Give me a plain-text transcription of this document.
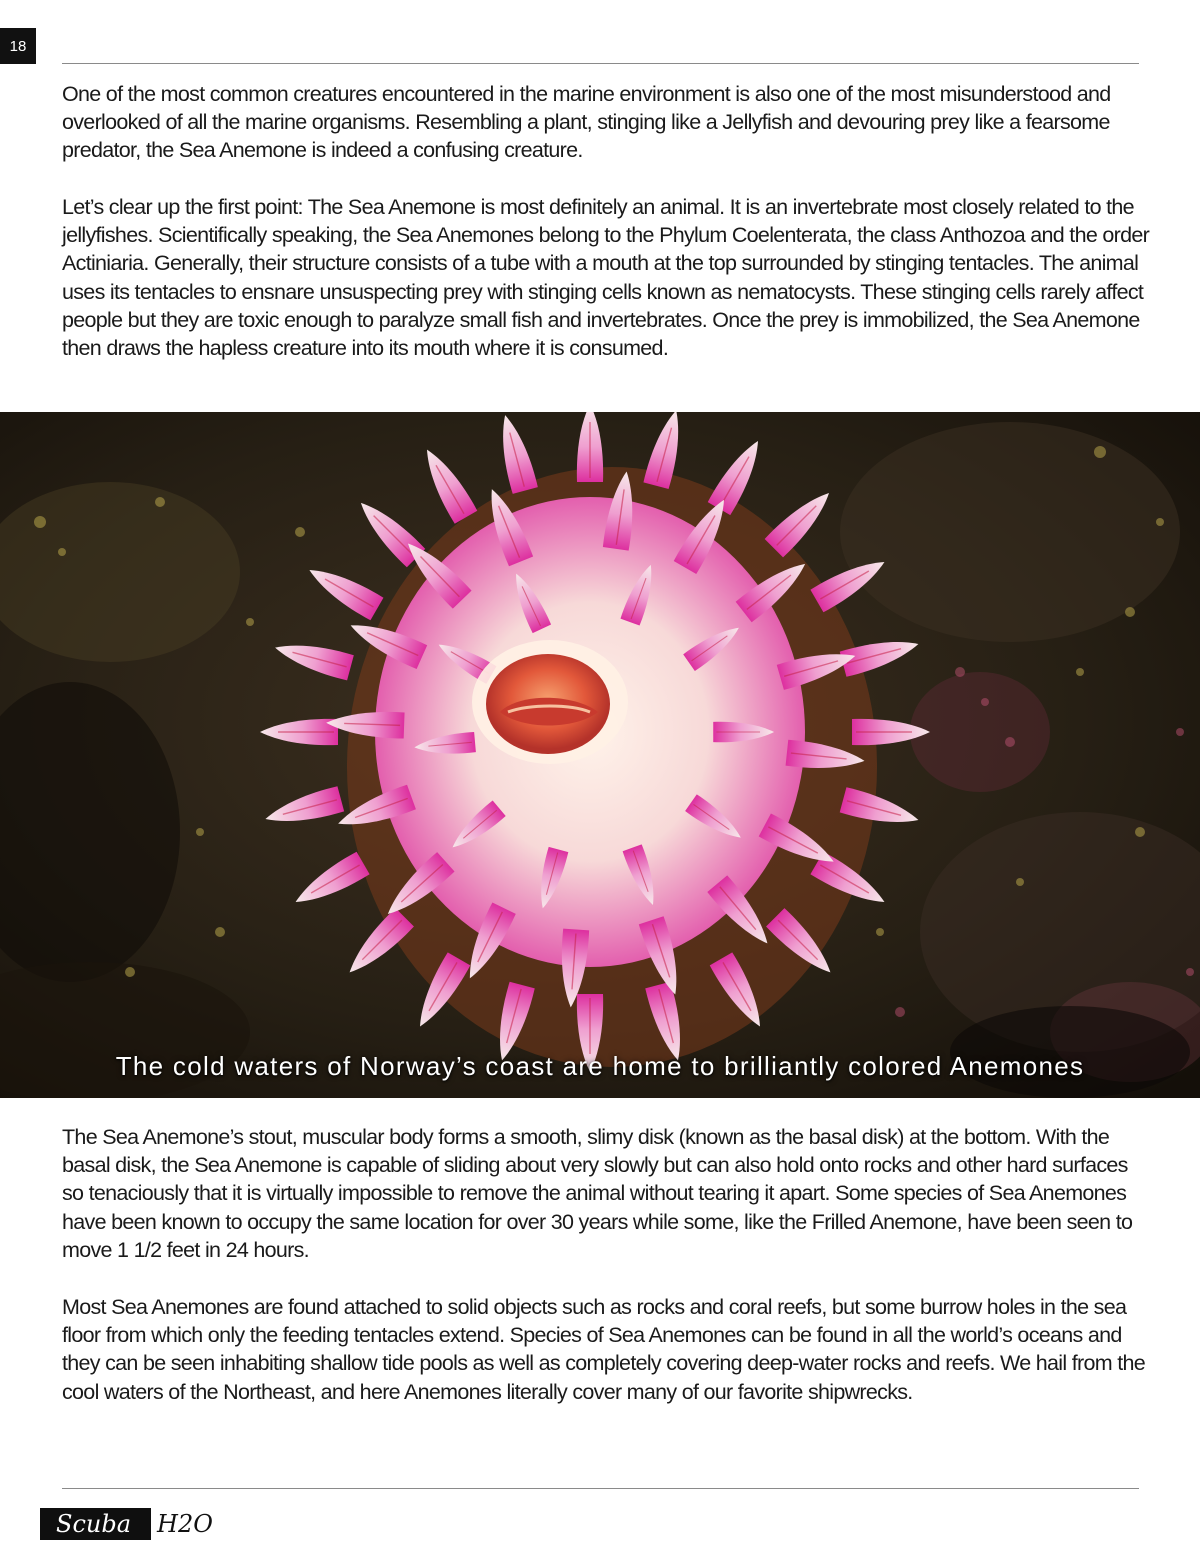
18

One of the most common creatures encountered in the marine environment is also one of the most misunderstood and overlooked of all the marine organisms. Resembling a plant, stinging like a Jellyfish and devouring prey like a fearsome predator, the Sea Anemone is indeed a confusing creature.

Let’s clear up the first point: The Sea Anemone is most definitely an animal. It is an invertebrate most closely related to the jellyfishes. Scientifically speaking, the Sea Anemones belong to the Phylum Coelenterata, the class Anthozoa and the order Actiniaria. Generally, their structure consists of a tube with a mouth at the top surrounded by stinging tentacles. The animal uses its tentacles to ensnare unsuspecting prey with stinging cells known as nematocysts. These stinging cells rarely affect people but they are toxic enough to paralyze small fish and invertebrates. Once the prey is immobilized, the Sea Anemone then draws the hapless creature into its mouth where it is consumed.

The cold waters of Norway’s coast are home to brilliantly colored Anemones

The Sea Anemone’s stout, muscular body forms a smooth, slimy disk (known as the basal disk) at the bottom. With the basal disk, the Sea Anemone is capable of sliding about very slowly but can also hold onto rocks and other hard surfaces so tenaciously that it is virtually impossible to remove the animal without tearing it apart. Some species of Sea Anemones have been known to occupy the same location for over 30 years while some, like the Frilled Anemone, have been seen to move 1 1/2 feet in 24 hours.

Most Sea Anemones are found attached to solid objects such as rocks and coral reefs, but some burrow holes in the sea floor from which only the feeding tentacles extend. Species of Sea Anemones can be found in all the world’s oceans and they can be seen inhabiting shallow tide pools as well as completely covering deep-water rocks and reefs. We hail from the cool waters of the Northeast, and here Anemones literally cover many of our favorite shipwrecks.

Scuba	H2O
